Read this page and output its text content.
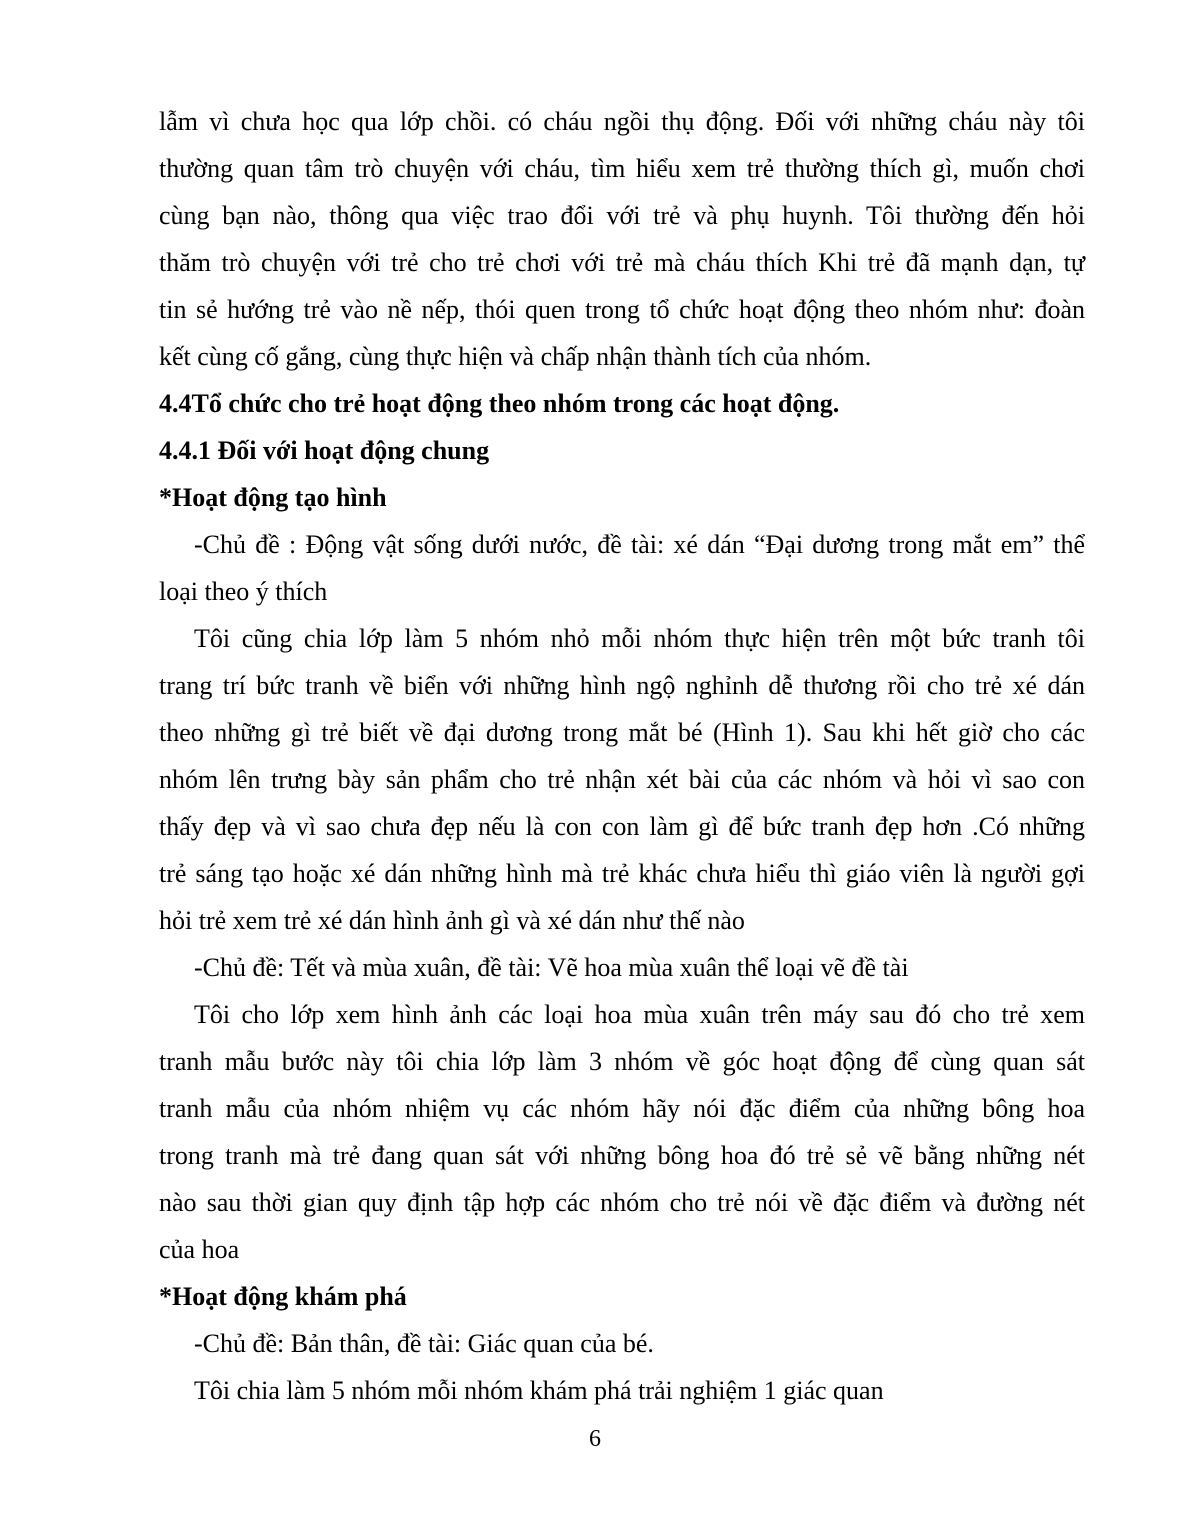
lẫm vì chưa học qua lớp chồi. có cháu ngồi thụ động. Đối với những cháu này tôi
thường quan tâm trò chuyện với cháu, tìm hiểu xem trẻ thường thích gì, muốn chơi
cùng bạn nào, thông qua việc trao đổi với trẻ và phụ huynh. Tôi thường đến hỏi
thăm trò chuyện với trẻ cho trẻ chơi với trẻ mà cháu thích Khi trẻ đã mạnh dạn, tự
tin sẻ hướng trẻ vào nề nếp, thói quen trong tổ chức hoạt động theo nhóm như: đoàn
kết cùng cố gắng, cùng thực hiện và chấp nhận thành tích của nhóm.
4.4Tổ chức cho trẻ hoạt động theo nhóm trong các hoạt động.
4.4.1 Đối với hoạt động chung
*Hoạt động tạo hình
-Chủ đề : Động vật sống dưới nước, đề tài: xé dán “Đại dương trong mắt em” thể
loại theo ý thích
Tôi cũng chia lớp làm 5 nhóm nhỏ mỗi nhóm thực hiện trên một bức tranh tôi
trang trí bức tranh về biển với những hình ngộ nghỉnh dễ thương rồi cho trẻ xé dán
theo những gì trẻ biết về đại dương trong mắt bé (Hình 1). Sau khi hết giờ cho các
nhóm lên trưng bày sản phẩm cho trẻ nhận xét bài của các nhóm và hỏi vì sao con
thấy đẹp và vì sao chưa đẹp nếu là con con làm gì để bức tranh đẹp hơn .Có những
trẻ sáng tạo hoặc xé dán những hình mà trẻ khác chưa hiểu thì giáo viên là người gợi
hỏi trẻ xem trẻ xé dán hình ảnh gì và xé dán như thế nào
-Chủ đề: Tết và mùa xuân, đề tài: Vẽ hoa mùa xuân thể loại vẽ đề tài
Tôi cho lớp xem hình ảnh các loại hoa mùa xuân trên máy sau đó cho trẻ xem
tranh mẫu bước này tôi chia lớp làm 3 nhóm về góc hoạt động để cùng quan sát
tranh mẫu của nhóm nhiệm vụ các nhóm hãy nói đặc điểm của những bông hoa
trong tranh mà trẻ đang quan sát với những bông hoa đó trẻ sẻ vẽ bằng những nét
nào sau thời gian quy định tập hợp các nhóm cho trẻ nói về đặc điểm và đường nét
của hoa
*Hoạt động khám phá
-Chủ đề: Bản thân, đề tài: Giác quan của bé.
Tôi chia làm 5 nhóm mỗi nhóm khám phá trải nghiệm 1 giác quan
6
